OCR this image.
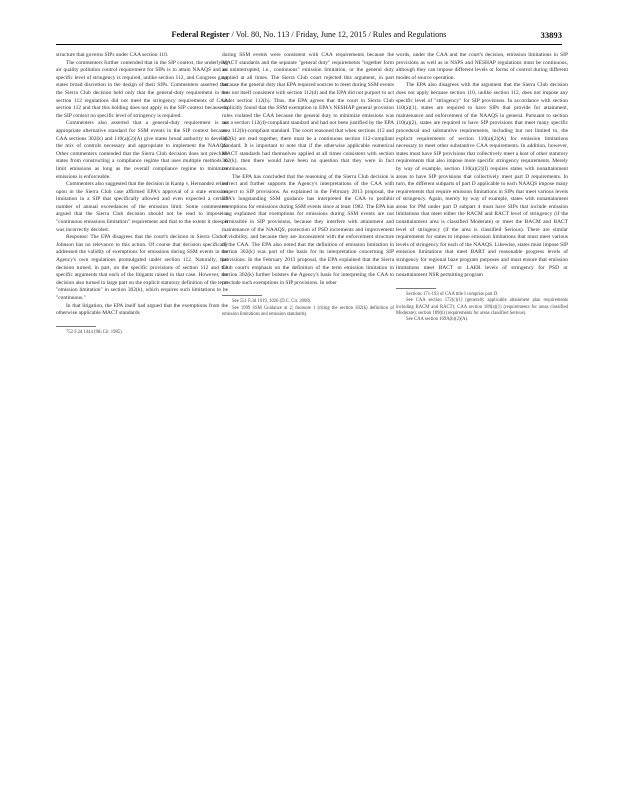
Federal Register / Vol. 80, No. 113 / Friday, June 12, 2015 / Rules and Regulations	33893

structure that governs SIPs under CAA section 110.

The commenters further contended that in the SIP context, the underlying air quality pollution control requirement for SIPs is to attain NAAQS and no specific level of stringency is required, unlike section 112, and Congress gave states broad discretion in the design of their SIPs. Commenters asserted that the Sierra Club decision held only that the general-duty requirement in the section 112 regulations did not meet the stringency requirements of CAA section 112 and that this holding does not apply in the SIP context because in the SIP context no specific level of stringency is required.

Commenters also asserted that a general-duty requirement is an appropriate alternative standard for SSM events in the SIP context because CAA sections 302(k) and 110(a)(2)(A) give states broad authority to develop the mix of controls necessary and appropriate to implement the NAAQS. Other commenters contended that the Sierra Club decision does not preclude states from constructing a compliance regime that uses multiple methods to limit emissions as long as the overall compliance regime to minimize emissions is enforceable.

Commenters also suggested that the decision in Kamp v. Hernandez relied upon in the Sierra Club case affirmed EPA's approval of a state emission limitation in a SIP that specifically allowed and even expected a certain number of annual exceedances of the emission limit. Some commenters argued that the Sierra Club decision should not be read to impose a "continuous emissions limitation" requirement and that to the extent it does, it was incorrectly decided.

Response: The EPA disagrees that the court's decision in Sierra Club v. Johnson has no relevance to this action. Of course that decision specifically addressed the validity of exemptions for emissions during SSM events in the Agency's own regulations promulgated under section 112. Naturally, that decision turned, in part, on the specific provisions of section 112 and the specific arguments that each of the litigants raised in that case. However, the decision also turned in large part on the explicit statutory definition of the term "emission limitation" in section 302(k), which requires such limitations to be "continuous."

In that litigation, the EPA itself had argued that the exemptions from the otherwise applicable MACT standards

752 F.2d 1444 (9th Cir. 1985).

during SSM events were consistent with CAA requirements because the MACT standards and the separate "general duty" requirements "together form an uninterrupted, i.e., continuous" emission limitation, or the general duty applied at all times. The Sierra Club court rejected this argument, in part because the general duty that EPA required sources to meet during SSM events was not itself consistent with section 112(d) and the EPA did not purport to act under section 112(h). Thus, the EPA agrees that the court in Sierra Club explicitly found that the SSM exemption in EPA's NESHAP general provision rules violated the CAA because the general duty to minimize emissions was not a section 112(d)-compliant standard and had not been justified by the EPA as a 112(h)-compliant standard. The court reasoned that when sections 112 and 302(k) are read together, there must be a continuous section 112-compliant standard. It is important to note that if the otherwise applicable numerical MACT standards had themselves applied at all times consistent with section 302(k), then there would have been no question that they were in fact continuous.

The EPA has concluded that the reasoning of the Sierra Club decision is correct and further supports the Agency's interpretations of the CAA with respect to SIP provisions. As explained in the February 2013 proposal, the EPA's longstanding SSM guidance has interpreted the CAA to prohibit exemptions for emissions during SSM events since at least 1982. The EPA has long explained that exemptions for emissions during SSM events are not permissible in SIP provisions, because they interfere with attainment and maintenance of the NAAQS, protection of PSD increments and improvement of visibility, and because they are inconsistent with the enforcement structure of the CAA. The EPA also noted that the definition of emission limitation in section 302(k) was part of the basis for its interpretation concerning SIP provisions. In the February 2013 proposal, the EPA explained that the Sierra Club court's emphasis on the definition of the term emission limitation in section 302(k) further bolsters the Agency's basis for interpreting the CAA to preclude such exemptions in SIP provisions. In other

See 551 F.3d 1019, 1026 (D.C. Cir. 2008).

See 1999 SSM Guidance at 2; footnote 1 (citing the section 302(k) definition of emission limitations and emission standards).

words, under the CAA and the court's decision, emission limitations in SIP provisions as well as in NSPS and NESHAP regulations must be continuous, although they can impose different levels or forms of control during different modes of source operation.

The EPA also disagrees with the argument that the Sierra Club decision does not apply because section 110, unlike section 112, does not impose any specific level of "stringency" for SIP provisions. In accordance with section 110(a)(1), states are required to have SIPs that provide for attainment, maintenance and enforcement of the NAAQS in general. Pursuant to section 110(a)(2), states are required to have SIP provisions that meet many specific procedural and substantive requirements, including but not limited to, the explicit requirements of section 110(a)(2)(A) for emission limitations necessary to meet other substantive CAA requirements. In addition, however, states must have SIP provisions that collectively meet a host of other statutory requirements that also impose more specific stringency requirements. Merely by way of example, section 110(a)(2)(I) requires states with nonattainment areas to have SIP provisions that collectively meet part D requirements. In turn, the different subparts of part D applicable to each NAAQS impose many requirements that require emission limitations in SIPs that meet various levels of stringency. Again, merely by way of example, states with nonattainment areas for PM under part D subpart 4 must have SIPs that include emission limitations that meet either the RACM and RACT level of stringency (if the nonattainment area is classified Moderate) or meet the BACM and BACT level of stringency (if the area is classified Serious). There are similar requirements for states to impose emission limitations that must meet various levels of stringency for each of the NAAQS. Likewise, states must impose SIP emission limitations that meet BART and reasonable progress levels of stringency for regional haze program purposes and must ensure that emission limitations meet BACT or LAER levels of stringency for PSD or nonattainment NSR permitting program

Sections 171-193 of CAA title I comprise part D.

See CAA section 172(c)(1) (generally applicable attainment plan requirements including RACM and RACT); CAA section 189(a)(1) (requirements for areas classified Moderate); section 189(b) (requirements for areas classified Serious).

See CAA section 169A(b)(2)(A).
